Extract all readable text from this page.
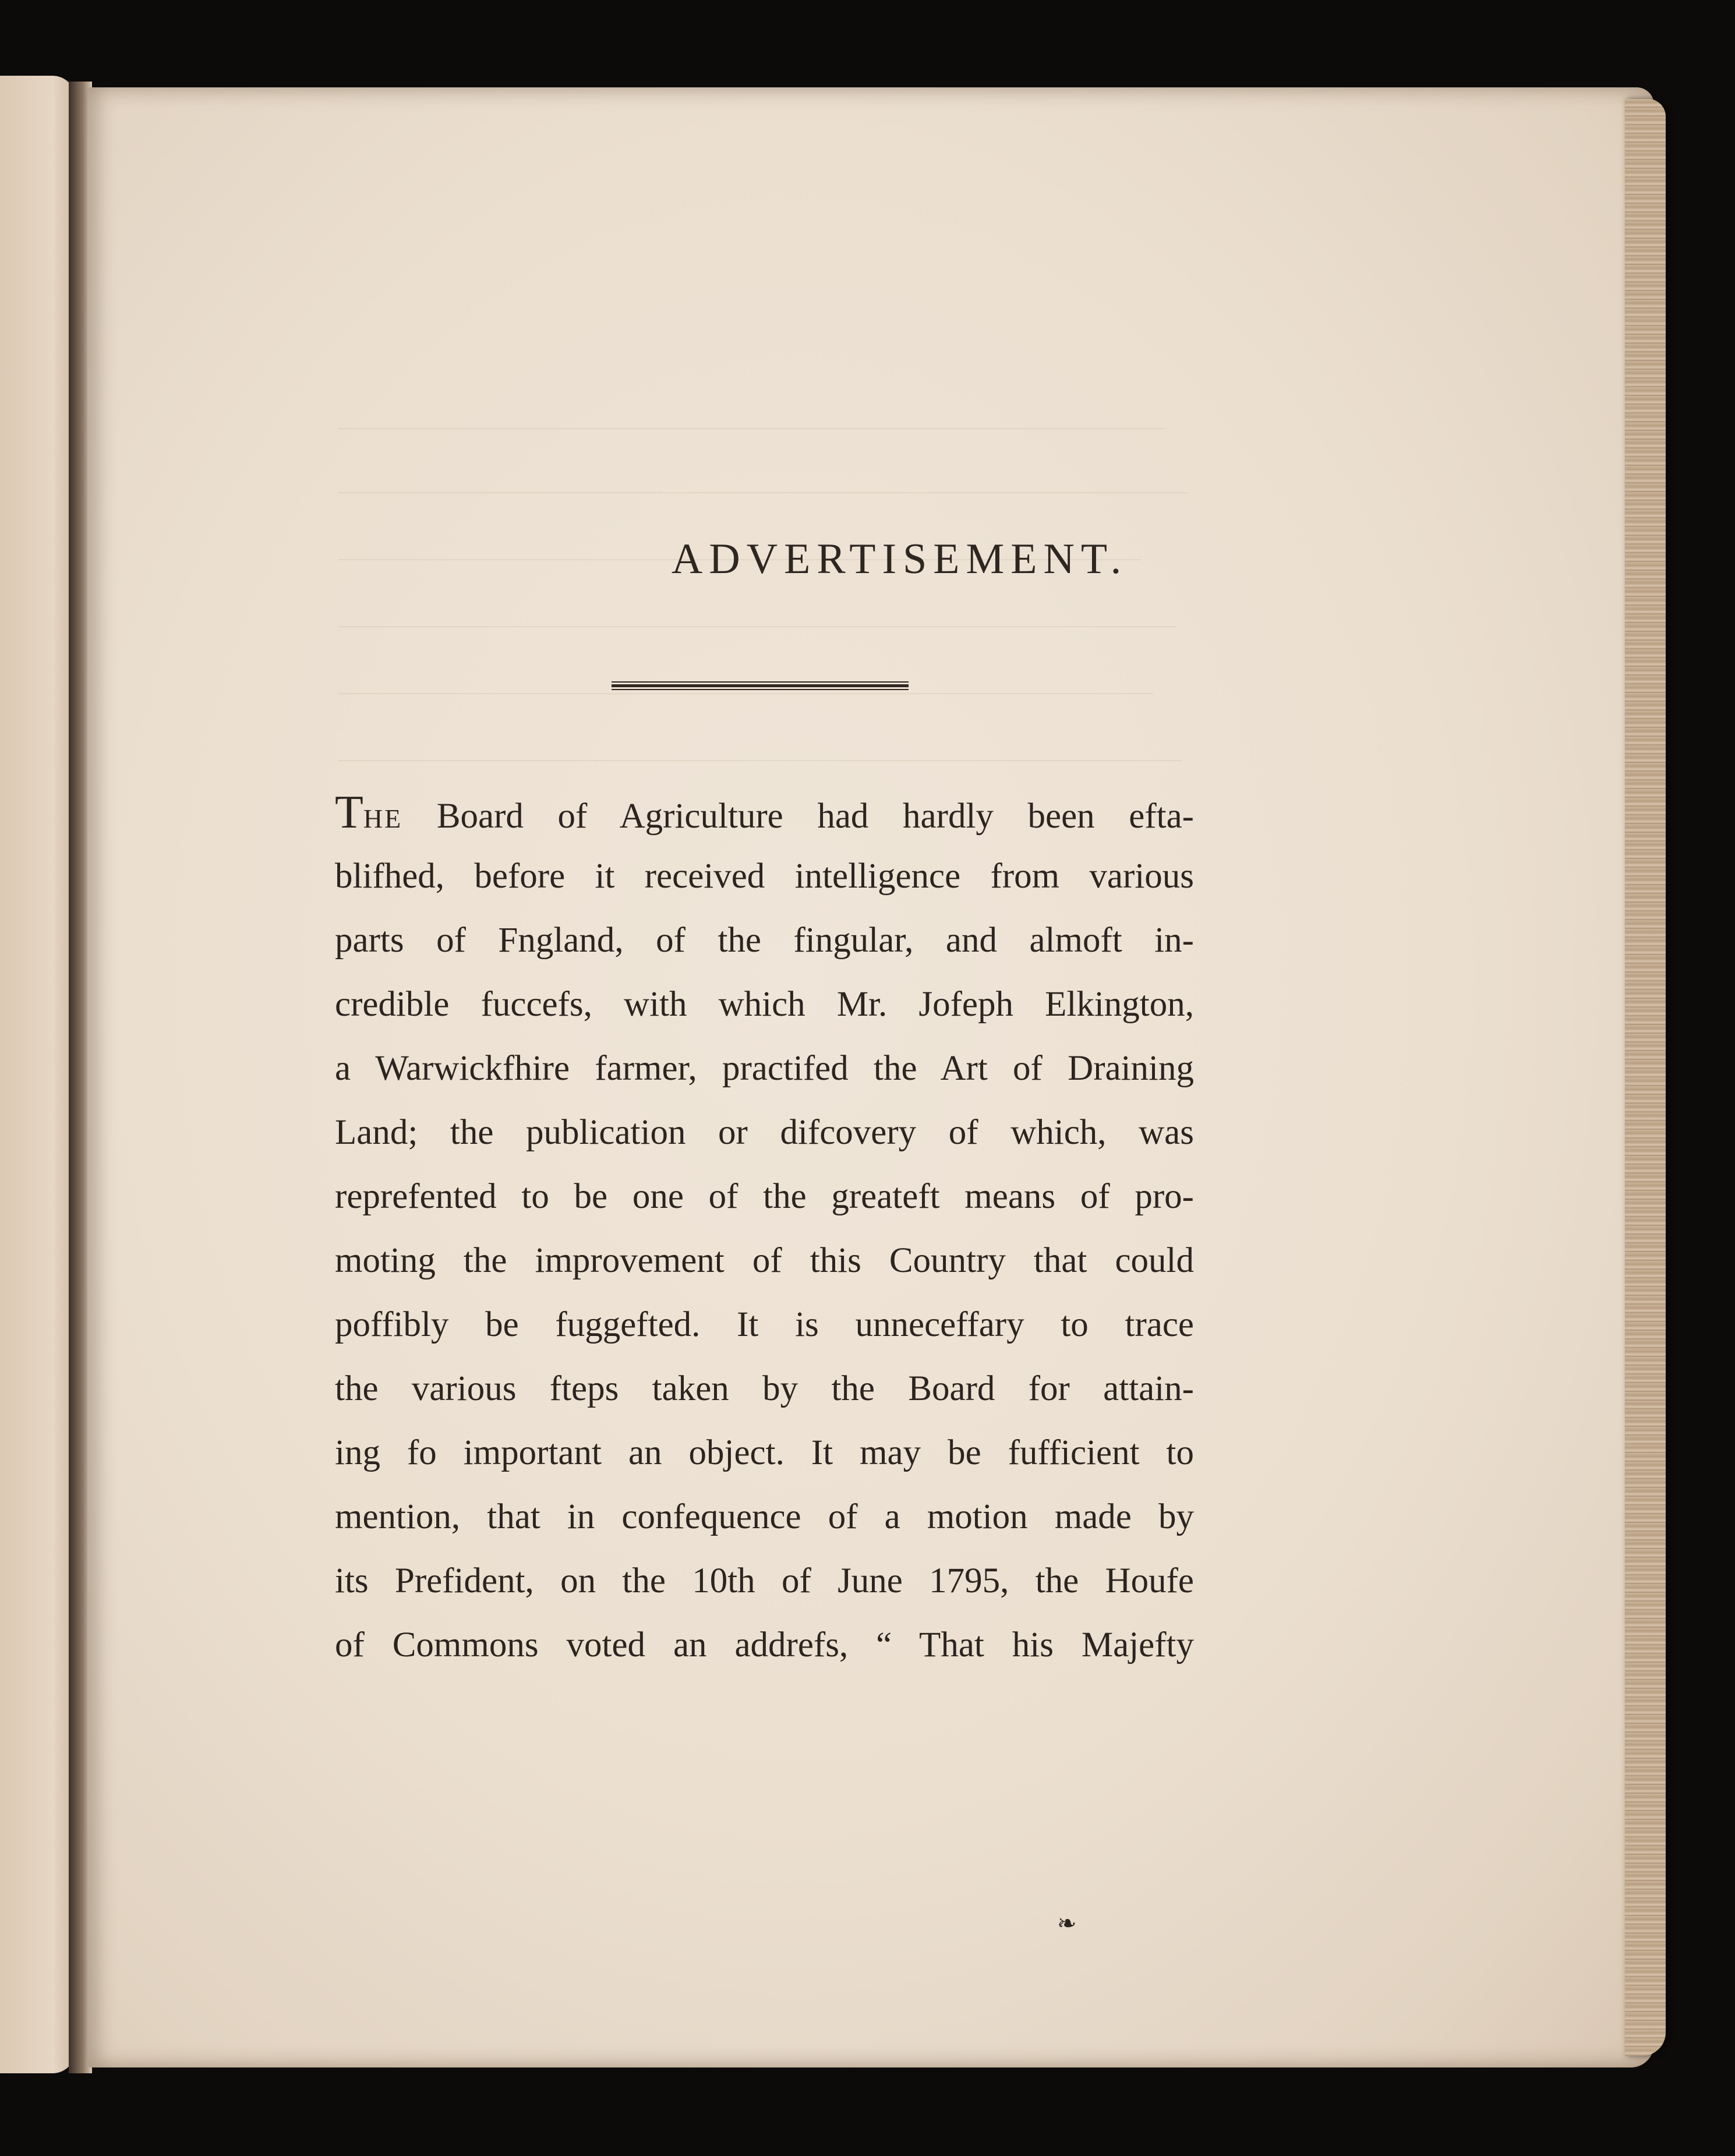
ADVERTISEMENT.
THE Board of Agriculture had hardly been efta-
blifhed, before it received intelligence from various
parts of Fngland, of the fingular, and almoft in-
credible fuccefs, with which Mr. Jofeph Elkington,
a Warwickfhire farmer, practifed the Art of Draining
Land; the publication or difcovery of which, was
reprefented to be one of the greateft means of pro-
moting the improvement of this Country that could
poffibly be fuggefted. It is unneceffary to trace
the various fteps taken by the Board for attain-
ing fo important an object. It may be fufficient to
mention, that in confequence of a motion made by
its Prefident, on the 10th of June 1795, the Houfe
of Commons voted an addrefs, “ That his Majefty
❧
